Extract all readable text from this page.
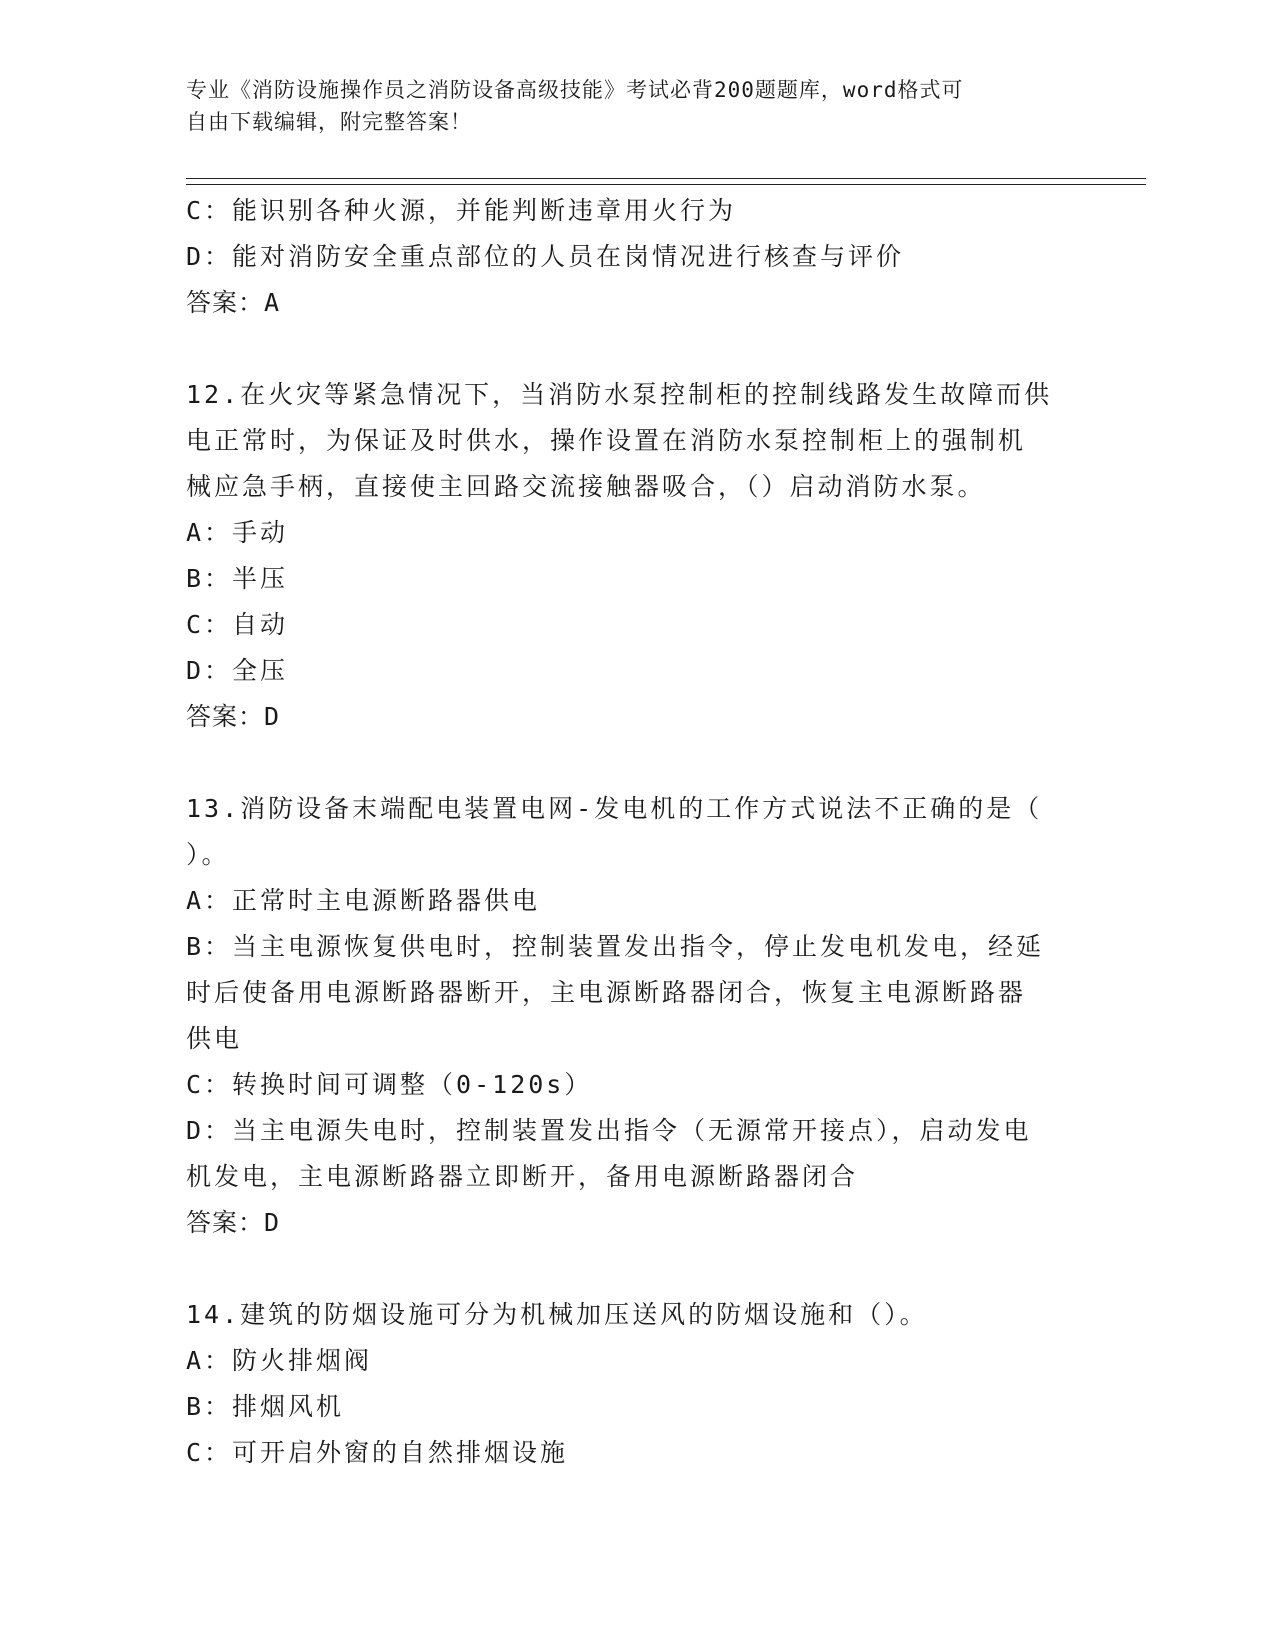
专业《消防设施操作员之消防设备高级技能》考试必背200题题库，word格式可
自由下载编辑，附完整答案！
C：能识别各种火源，并能判断违章用火行为
D：能对消防安全重点部位的人员在岗情况进行核查与评价
答案：A
12.在火灾等紧急情况下，当消防水泵控制柜的控制线路发生故障而供
电正常时，为保证及时供水，操作设置在消防水泵控制柜上的强制机
械应急手柄，直接使主回路交流接触器吸合，（）启动消防水泵。
A：手动
B：半压
C：自动
D：全压
答案：D
13.消防设备末端配电装置电网-发电机的工作方式说法不正确的是（
）。
A：正常时主电源断路器供电
B：当主电源恢复供电时，控制装置发出指令，停止发电机发电，经延
时后使备用电源断路器断开，主电源断路器闭合，恢复主电源断路器
供电
C：转换时间可调整（0-120s）
D：当主电源失电时，控制装置发出指令（无源常开接点），启动发电
机发电，主电源断路器立即断开，备用电源断路器闭合
答案：D
14.建筑的防烟设施可分为机械加压送风的防烟设施和（）。
A：防火排烟阀
B：排烟风机
C：可开启外窗的自然排烟设施
